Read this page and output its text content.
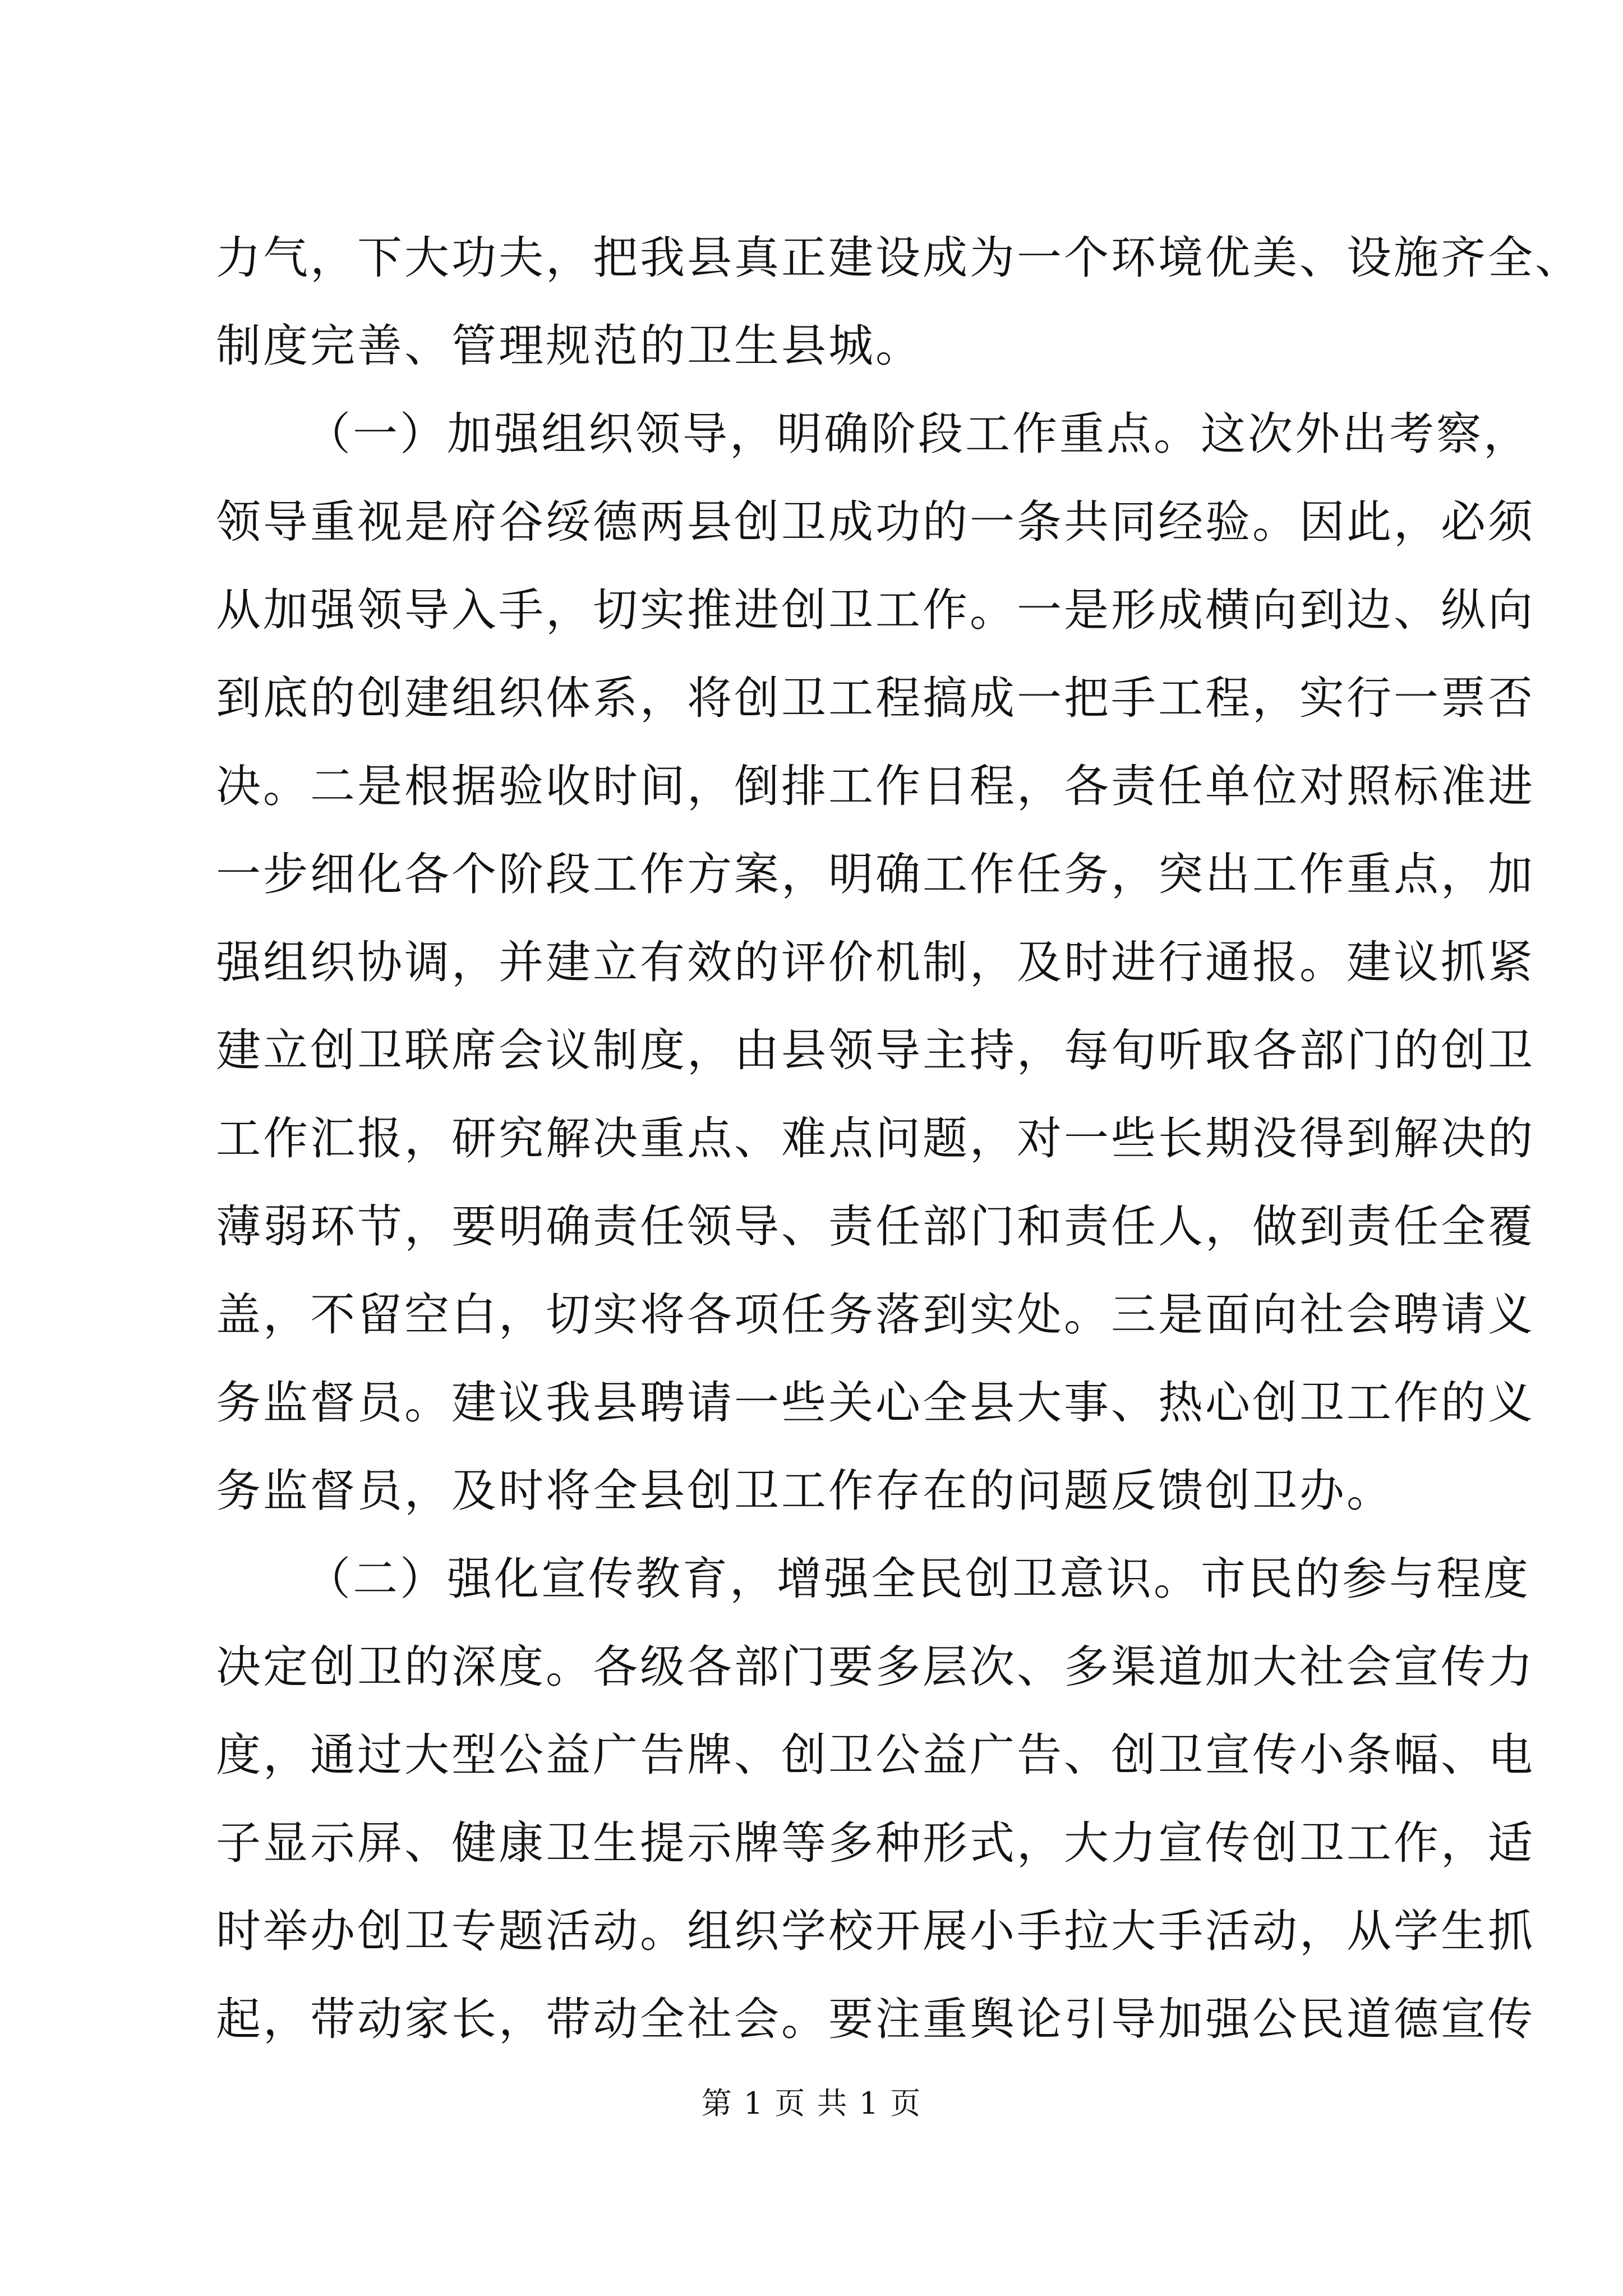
力气，下大功夫，把我县真正建设成为一个环境优美、设施齐全、
制度完善、管理规范的卫生县城。
（一）加强组织领导，明确阶段工作重点。这次外出考察，
领导重视是府谷绥德两县创卫成功的一条共同经验。因此，必须
从加强领导入手，切实推进创卫工作。一是形成横向到边、纵向
到底的创建组织体系，将创卫工程搞成一把手工程，实行一票否
决。二是根据验收时间，倒排工作日程，各责任单位对照标准进
一步细化各个阶段工作方案，明确工作任务，突出工作重点，加
强组织协调，并建立有效的评价机制，及时进行通报。建议抓紧
建立创卫联席会议制度，由县领导主持，每旬听取各部门的创卫
工作汇报，研究解决重点、难点问题，对一些长期没得到解决的
薄弱环节，要明确责任领导、责任部门和责任人，做到责任全覆
盖，不留空白，切实将各项任务落到实处。三是面向社会聘请义
务监督员。建议我县聘请一些关心全县大事、热心创卫工作的义
务监督员，及时将全县创卫工作存在的问题反馈创卫办。
（二）强化宣传教育，增强全民创卫意识。市民的参与程度
决定创卫的深度。各级各部门要多层次、多渠道加大社会宣传力
度，通过大型公益广告牌、创卫公益广告、创卫宣传小条幅、电
子显示屏、健康卫生提示牌等多种形式，大力宣传创卫工作，适
时举办创卫专题活动。组织学校开展小手拉大手活动，从学生抓
起，带动家长，带动全社会。要注重舆论引导加强公民道德宣传
第 1 页 共 1 页
